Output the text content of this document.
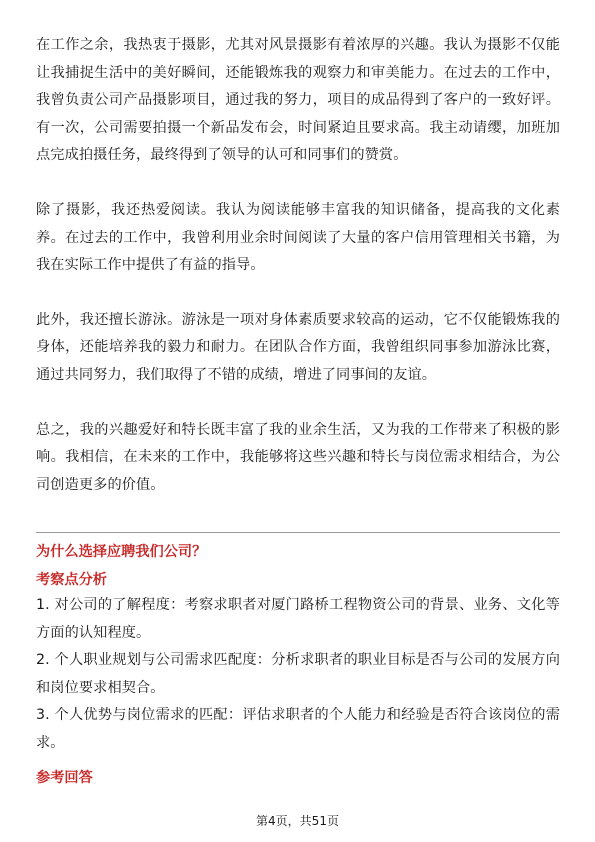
在工作之余，我热衷于摄影，尤其对风景摄影有着浓厚的兴趣。我认为摄影不仅能让我捕捉生活中的美好瞬间，还能锻炼我的观察力和审美能力。在过去的工作中，我曾负责公司产品摄影项目，通过我的努力，项目的成品得到了客户的一致好评。有一次，公司需要拍摄一个新品发布会，时间紧迫且要求高。我主动请缨，加班加点完成拍摄任务，最终得到了领导的认可和同事们的赞赏。

除了摄影，我还热爱阅读。我认为阅读能够丰富我的知识储备，提高我的文化素养。在过去的工作中，我曾利用业余时间阅读了大量的客户信用管理相关书籍，为我在实际工作中提供了有益的指导。

此外，我还擅长游泳。游泳是一项对身体素质要求较高的运动，它不仅能锻炼我的身体，还能培养我的毅力和耐力。在团队合作方面，我曾组织同事参加游泳比赛，通过共同努力，我们取得了不错的成绩，增进了同事间的友谊。

总之，我的兴趣爱好和特长既丰富了我的业余生活，又为我的工作带来了积极的影响。我相信，在未来的工作中，我能够将这些兴趣和特长与岗位需求相结合，为公司创造更多的价值。

为什么选择应聘我们公司？

考察点分析

1. 对公司的了解程度：考察求职者对厦门路桥工程物资公司的背景、业务、文化等方面的认知程度。

2. 个人职业规划与公司需求匹配度：分析求职者的职业目标是否与公司的发展方向和岗位要求相契合。

3. 个人优势与岗位需求的匹配：评估求职者的个人能力和经验是否符合该岗位的需求。

参考回答

第4页，共51页
